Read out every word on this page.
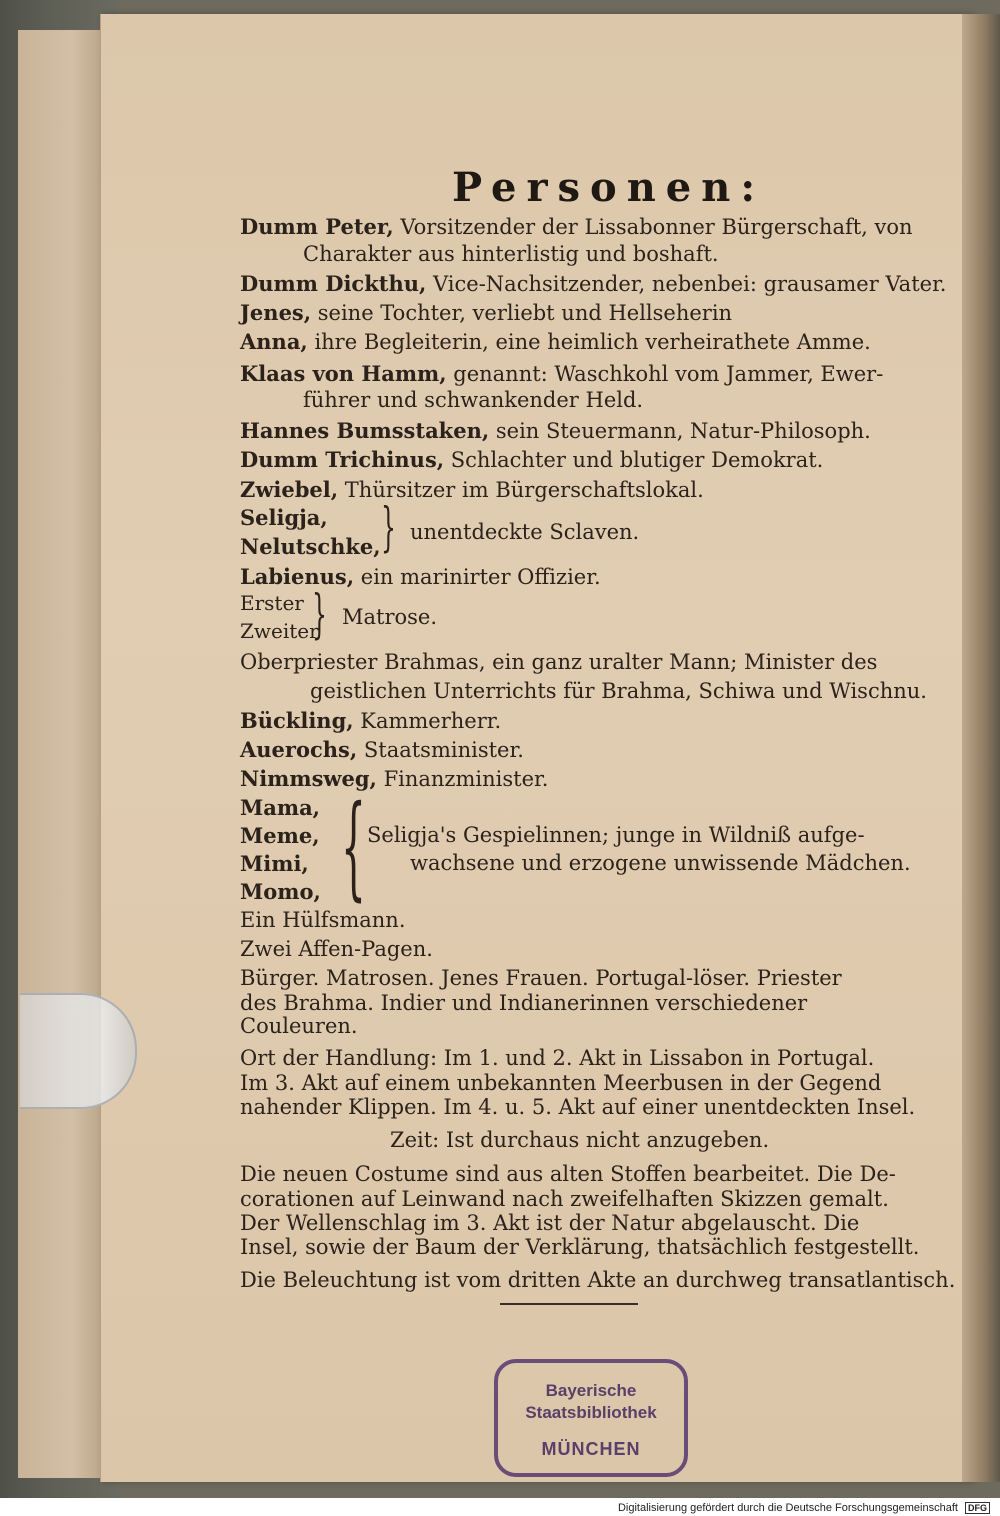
Personen:
Dumm Peter, Vorsitzender der Lissabonner Bürgerschaft, von
Charakter aus hinterlistig und boshaft.
Dumm Dickthu, Vice-Nachsitzender, nebenbei: grausamer Vater.
Jenes, seine Tochter, verliebt und Hellseherin
Anna, ihre Begleiterin, eine heimlich verheirathete Amme.
Klaas von Hamm, genannt: Waschkohl vom Jammer, Ewer-
führer und schwankender Held.
Hannes Bumsstaken, sein Steuermann, Natur-Philosoph.
Dumm Trichinus, Schlachter und blutiger Demokrat.
Zwiebel, Thürsitzer im Bürgerschaftslokal.
Seligja,
Nelutschke, } unentdeckte Sclaven.
Labienus, ein marinirter Offizier.
Erster
Zweiter
} Matrose.
Oberpriester Brahmas, ein ganz uralter Mann; Minister des
geistlichen Unterrichts für Brahma, Schiwa und Wischnu.
Bückling, Kammerherr.
Auerochs, Staatsminister.
Nimmsweg, Finanzminister.
Mama,
Meme,
Mimi,
Momo, { Seligja's Gespielinnen; junge in Wildniß aufge-
wachsene und erzogene unwissende Mädchen.
Ein Hülfsmann.
Zwei Affen-Pagen.
Bürger. Matrosen. Jenes Frauen. Portugal-löser. Priester
des Brahma. Indier und Indianerinnen verschiedener
Couleuren.
Ort der Handlung: Im 1. und 2. Akt in Lissabon in Portugal.
Im 3. Akt auf einem unbekannten Meerbusen in der Gegend
nahender Klippen. Im 4. u. 5. Akt auf einer unentdeckten Insel.
Zeit: Ist durchaus nicht anzugeben.
Die neuen Costume sind aus alten Stoffen bearbeitet. Die De-
corationen auf Leinwand nach zweifelhaften Skizzen gemalt.
Der Wellenschlag im 3. Akt ist der Natur abgelauscht. Die
Insel, sowie der Baum der Verklärung, thatsächlich festgestellt.
Die Beleuchtung ist vom dritten Akte an durchweg transatlantisch.
Bayerische
Staatsbibliothek
MÜNCHEN
Digitalisierung gefördert durch die Deutsche Forschungsgemeinschaft DFG
